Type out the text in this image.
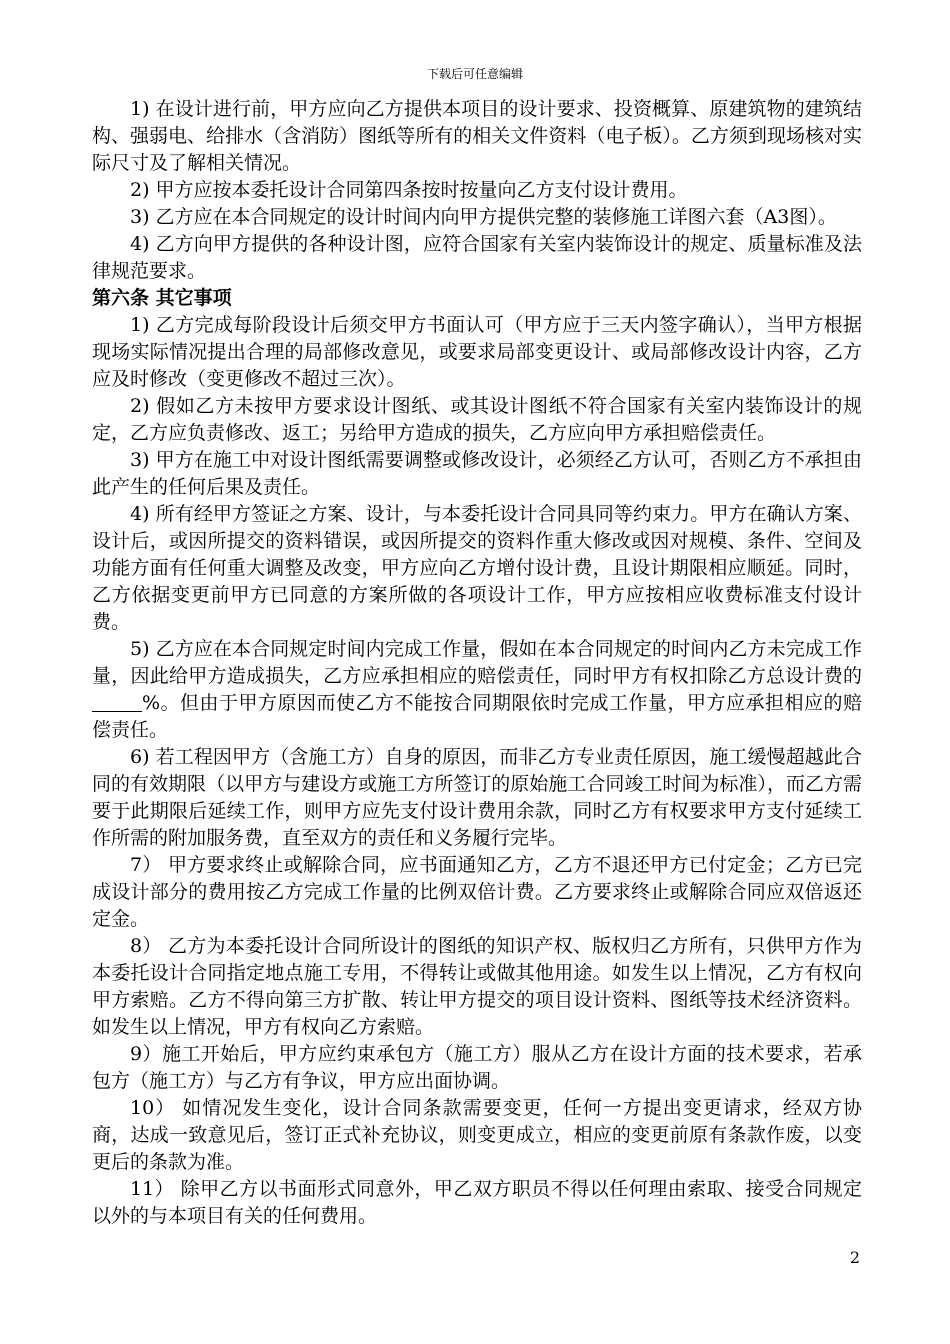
下载后可任意编辑

1) 在设计进行前，甲方应向乙方提供本项目的设计要求、投资概算、原建筑物的建筑结构、强弱电、给排水（含消防）图纸等所有的相关文件资料（电子板）。乙方须到现场核对实际尺寸及了解相关情况。

2) 甲方应按本委托设计合同第四条按时按量向乙方支付设计费用。

3) 乙方应在本合同规定的设计时间内向甲方提供完整的装修施工详图六套（A3图）。

4) 乙方向甲方提供的各种设计图，应符合国家有关室内装饰设计的规定、质量标准及法律规范要求。

第六条 其它事项

1) 乙方完成每阶段设计后须交甲方书面认可（甲方应于三天内签字确认），当甲方根据现场实际情况提出合理的局部修改意见，或要求局部变更设计、或局部修改设计内容，乙方应及时修改（变更修改不超过三次）。

2) 假如乙方未按甲方要求设计图纸、或其设计图纸不符合国家有关室内装饰设计的规定，乙方应负责修改、返工；另给甲方造成的损失，乙方应向甲方承担赔偿责任。

3) 甲方在施工中对设计图纸需要调整或修改设计，必须经乙方认可，否则乙方不承担由此产生的任何后果及责任。

4) 所有经甲方签证之方案、设计，与本委托设计合同具同等约束力。甲方在确认方案、设计后，或因所提交的资料错误，或因所提交的资料作重大修改或因对规模、条件、空间及功能方面有任何重大调整及改变，甲方应向乙方增付设计费，且设计期限相应顺延。同时，乙方依据变更前甲方已同意的方案所做的各项设计工作，甲方应按相应收费标准支付设计费。

5) 乙方应在本合同规定时间内完成工作量，假如在本合同规定的时间内乙方未完成工作量，因此给甲方造成损失，乙方应承担相应的赔偿责任，同时甲方有权扣除乙方总设计费的%。但由于甲方原因而使乙方不能按合同期限依时完成工作量，甲方应承担相应的赔偿责任。

6) 若工程因甲方（含施工方）自身的原因，而非乙方专业责任原因，施工缓慢超越此合同的有效期限（以甲方与建设方或施工方所签订的原始施工合同竣工时间为标准），而乙方需要于此期限后延续工作，则甲方应先支付设计费用余款，同时乙方有权要求甲方支付延续工作所需的附加服务费，直至双方的责任和义务履行完毕。

7） 甲方要求终止或解除合同，应书面通知乙方，乙方不退还甲方已付定金；乙方已完成设计部分的费用按乙方完成工作量的比例双倍计费。乙方要求终止或解除合同应双倍返还定金。

8） 乙方为本委托设计合同所设计的图纸的知识产权、版权归乙方所有，只供甲方作为本委托设计合同指定地点施工专用，不得转让或做其他用途。如发生以上情况，乙方有权向甲方索赔。乙方不得向第三方扩散、转让甲方提交的项目设计资料、图纸等技术经济资料。如发生以上情况，甲方有权向乙方索赔。

9）施工开始后，甲方应约束承包方（施工方）服从乙方在设计方面的技术要求，若承包方（施工方）与乙方有争议，甲方应出面协调。

10） 如情况发生变化，设计合同条款需要变更，任何一方提出变更请求，经双方协商，达成一致意见后，签订正式补充协议，则变更成立，相应的变更前原有条款作废，以变更后的条款为准。

11） 除甲乙方以书面形式同意外，甲乙双方职员不得以任何理由索取、接受合同规定以外的与本项目有关的任何费用。

2
